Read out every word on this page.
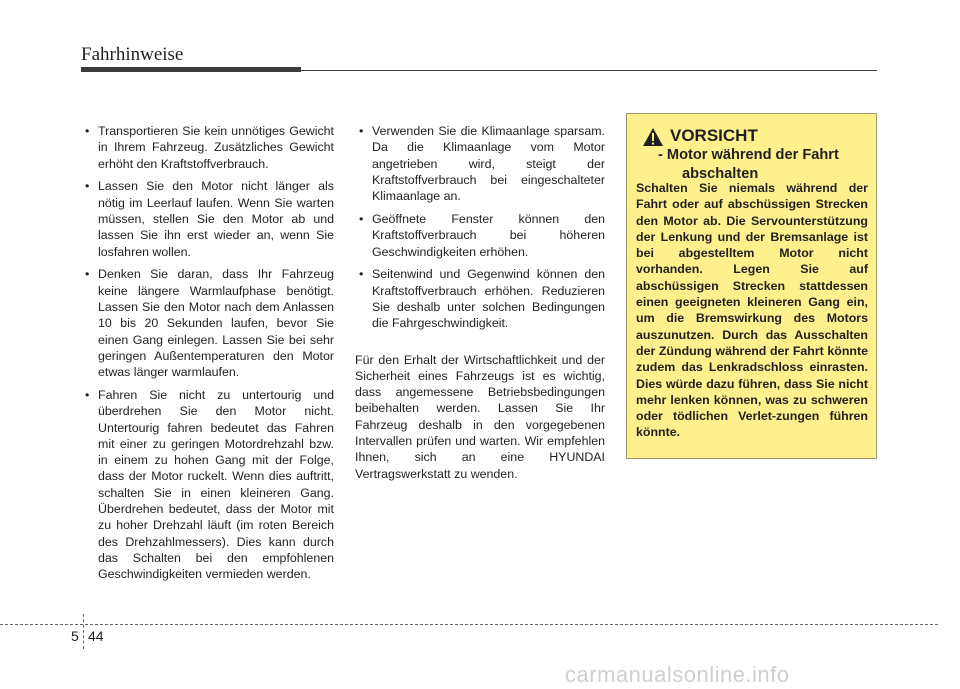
Fahrhinweise
• Transportieren Sie kein unnötiges Gewicht in Ihrem Fahrzeug. Zusätzliches Gewicht erhöht den Kraftstoffverbrauch.
• Lassen Sie den Motor nicht länger als nötig im Leerlauf laufen. Wenn Sie warten müssen, stellen Sie den Motor ab und lassen Sie ihn erst wieder an, wenn Sie losfahren wollen.
• Denken Sie daran, dass Ihr Fahrzeug keine längere Warmlaufphase benötigt. Lassen Sie den Motor nach dem Anlassen 10 bis 20 Sekunden laufen, bevor Sie einen Gang einlegen. Lassen Sie bei sehr geringen Außentemperaturen den Motor etwas länger warmlaufen.
• Fahren Sie nicht zu untertourig und überdrehen Sie den Motor nicht. Untertourig fahren bedeutet das Fahren mit einer zu geringen Motordrehzahl bzw. in einem zu hohen Gang mit der Folge, dass der Motor ruckelt. Wenn dies auftritt, schalten Sie in einen kleineren Gang. Überdrehen bedeutet, dass der Motor mit zu hoher Drehzahl läuft (im roten Bereich des Drehzahlmessers). Dies kann durch das Schalten bei den empfohlenen Geschwindigkeiten vermieden werden.
• Verwenden Sie die Klimaanlage sparsam. Da die Klimaanlage vom Motor angetrieben wird, steigt der Kraftstoffverbrauch bei eingeschalteter Klimaanlage an.
• Geöffnete Fenster können den Kraftstoffverbrauch bei höheren Geschwindigkeiten erhöhen.
• Seitenwind und Gegenwind können den Kraftstoffverbrauch erhöhen. Reduzieren Sie deshalb unter solchen Bedingungen die Fahrgeschwindigkeit.

Für den Erhalt der Wirtschaftlichkeit und der Sicherheit eines Fahrzeugs ist es wichtig, dass angemessene Betriebsbedingungen beibehalten werden. Lassen Sie Ihr Fahrzeug deshalb in den vorgegebenen Intervallen prüfen und warten. Wir empfehlen Ihnen, sich an eine HYUNDAI Vertragswerkstatt zu wenden.

VORSICHT
- Motor während der Fahrt abschalten
Schalten Sie niemals während der Fahrt oder auf abschüssigen Strecken den Motor ab. Die Servounterstützung der Lenkung und der Bremsanlage ist bei abgestelltem Motor nicht vorhanden. Legen Sie auf abschüssigen Strecken stattdessen einen geeigneten kleineren Gang ein, um die Bremswirkung des Motors auszunutzen. Durch das Ausschalten der Zündung während der Fahrt könnte zudem das Lenkradschloss einrasten. Dies würde dazu führen, dass Sie nicht mehr lenken können, was zu schweren oder tödlichen Verlet-zungen führen könnte.
5 44
carmanualsonline.info
